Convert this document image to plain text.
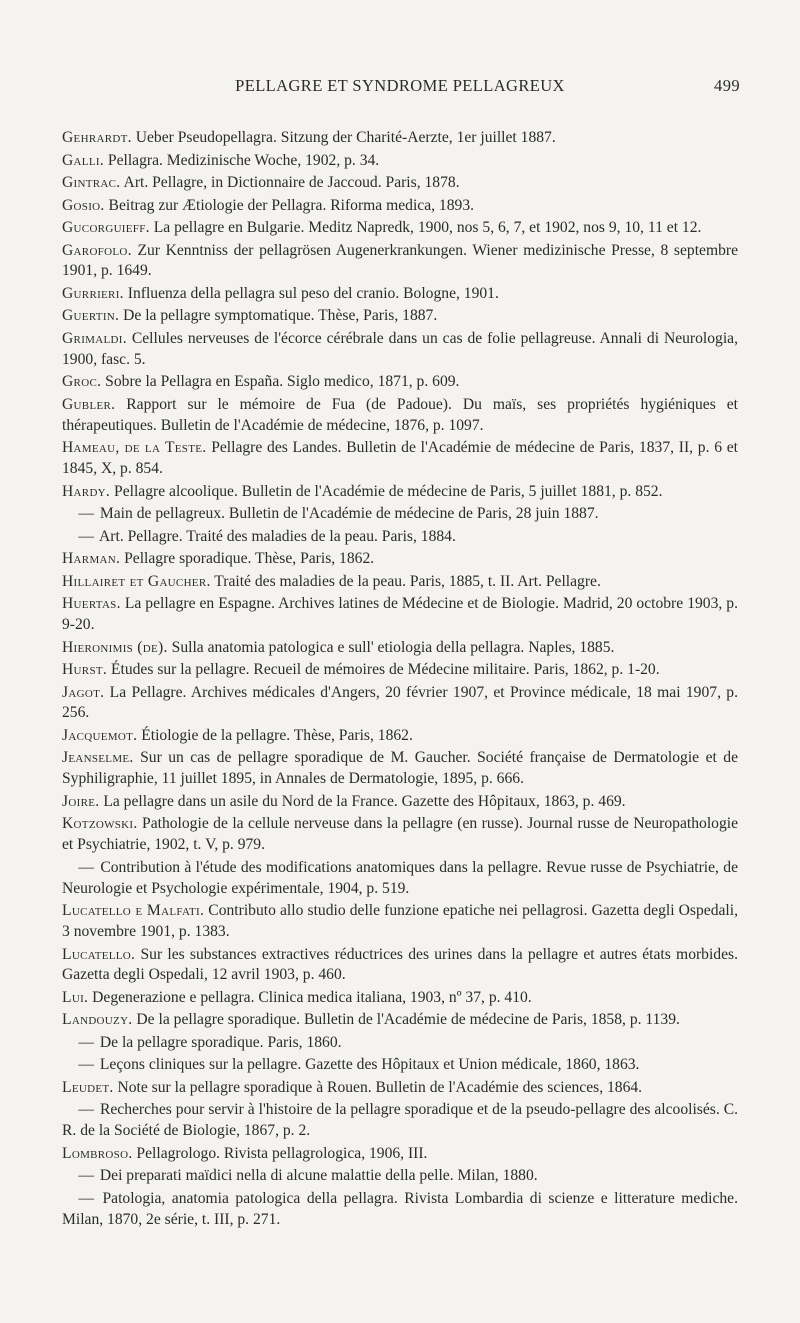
PELLAGRE ET SYNDROME PELLAGREUX	499

Gehrardt. Ueber Pseudopellagra. Sitzung der Charité-Aerzte, 1er juillet 1887.

Galli. Pellagra. Medizinische Woche, 1902, p. 34.

Gintrac. Art. Pellagre, in Dictionnaire de Jaccoud. Paris, 1878.

Gosio. Beitrag zur Ætiologie der Pellagra. Riforma medica, 1893.

Gucorguieff. La pellagre en Bulgarie. Meditz Napredk, 1900, nos 5, 6, 7, et 1902, nos 9, 10, 11 et 12.

Garofolo. Zur Kenntniss der pellagrösen Augenerkrankungen. Wiener medizinische Presse, 8 septembre 1901, p. 1649.

Gurrieri. Influenza della pellagra sul peso del cranio. Bologne, 1901.

Guertin. De la pellagre symptomatique. Thèse, Paris, 1887.

Grimaldi. Cellules nerveuses de l'écorce cérébrale dans un cas de folie pellagreuse. Annali di Neurologia, 1900, fasc. 5.

Groc. Sobre la Pellagra en España. Siglo medico, 1871, p. 609.

Gubler. Rapport sur le mémoire de Fua (de Padoue). Du maïs, ses propriétés hygiéniques et thérapeutiques. Bulletin de l'Académie de médecine, 1876, p. 1097.

Hameau, de la Teste. Pellagre des Landes. Bulletin de l'Académie de médecine de Paris, 1837, II, p. 6 et 1845, X, p. 854.

Hardy. Pellagre alcoolique. Bulletin de l'Académie de médecine de Paris, 5 juillet 1881, p. 852.

— Main de pellagreux. Bulletin de l'Académie de médecine de Paris, 28 juin 1887.

— Art. Pellagre. Traité des maladies de la peau. Paris, 1884.

Harman. Pellagre sporadique. Thèse, Paris, 1862.

Hillairet et Gaucher. Traité des maladies de la peau. Paris, 1885, t. II. Art. Pellagre.

Huertas. La pellagre en Espagne. Archives latines de Médecine et de Biologie. Madrid, 20 octobre 1903, p. 9-20.

Hieronimis (de). Sulla anatomia patologica e sull' etiologia della pellagra. Naples, 1885.

Hurst. Études sur la pellagre. Recueil de mémoires de Médecine militaire. Paris, 1862, p. 1-20.

Jagot. La Pellagre. Archives médicales d'Angers, 20 février 1907, et Province médicale, 18 mai 1907, p. 256.

Jacquemot. Étiologie de la pellagre. Thèse, Paris, 1862.

Jeanselme. Sur un cas de pellagre sporadique de M. Gaucher. Société française de Dermatologie et de Syphiligraphie, 11 juillet 1895, in Annales de Dermatologie, 1895, p. 666.

Joire. La pellagre dans un asile du Nord de la France. Gazette des Hôpitaux, 1863, p. 469.

Kotzowski. Pathologie de la cellule nerveuse dans la pellagre (en russe). Journal russe de Neuropathologie et Psychiatrie, 1902, t. V, p. 979.

— Contribution à l'étude des modifications anatomiques dans la pellagre. Revue russe de Psychiatrie, de Neurologie et Psychologie expérimentale, 1904, p. 519.

Lucatello e Malfati. Contributo allo studio delle funzione epatiche nei pellagrosi. Gazetta degli Ospedali, 3 novembre 1901, p. 1383.

Lucatello. Sur les substances extractives réductrices des urines dans la pellagre et autres états morbides. Gazetta degli Ospedali, 12 avril 1903, p. 460.

Lui. Degenerazione e pellagra. Clinica medica italiana, 1903, nº 37, p. 410.

Landouzy. De la pellagre sporadique. Bulletin de l'Académie de médecine de Paris, 1858, p. 1139.

— De la pellagre sporadique. Paris, 1860.

— Leçons cliniques sur la pellagre. Gazette des Hôpitaux et Union médicale, 1860, 1863.

Leudet. Note sur la pellagre sporadique à Rouen. Bulletin de l'Académie des sciences, 1864.

— Recherches pour servir à l'histoire de la pellagre sporadique et de la pseudo-pellagre des alcoolisés. C. R. de la Société de Biologie, 1867, p. 2.

Lombroso. Pellagrologo. Rivista pellagrologica, 1906, III.

— Dei preparati maïdici nella di alcune malattie della pelle. Milan, 1880.

— Patologia, anatomia patologica della pellagra. Rivista Lombardia di scienze e litterature mediche. Milan, 1870, 2e série, t. III, p. 271.
